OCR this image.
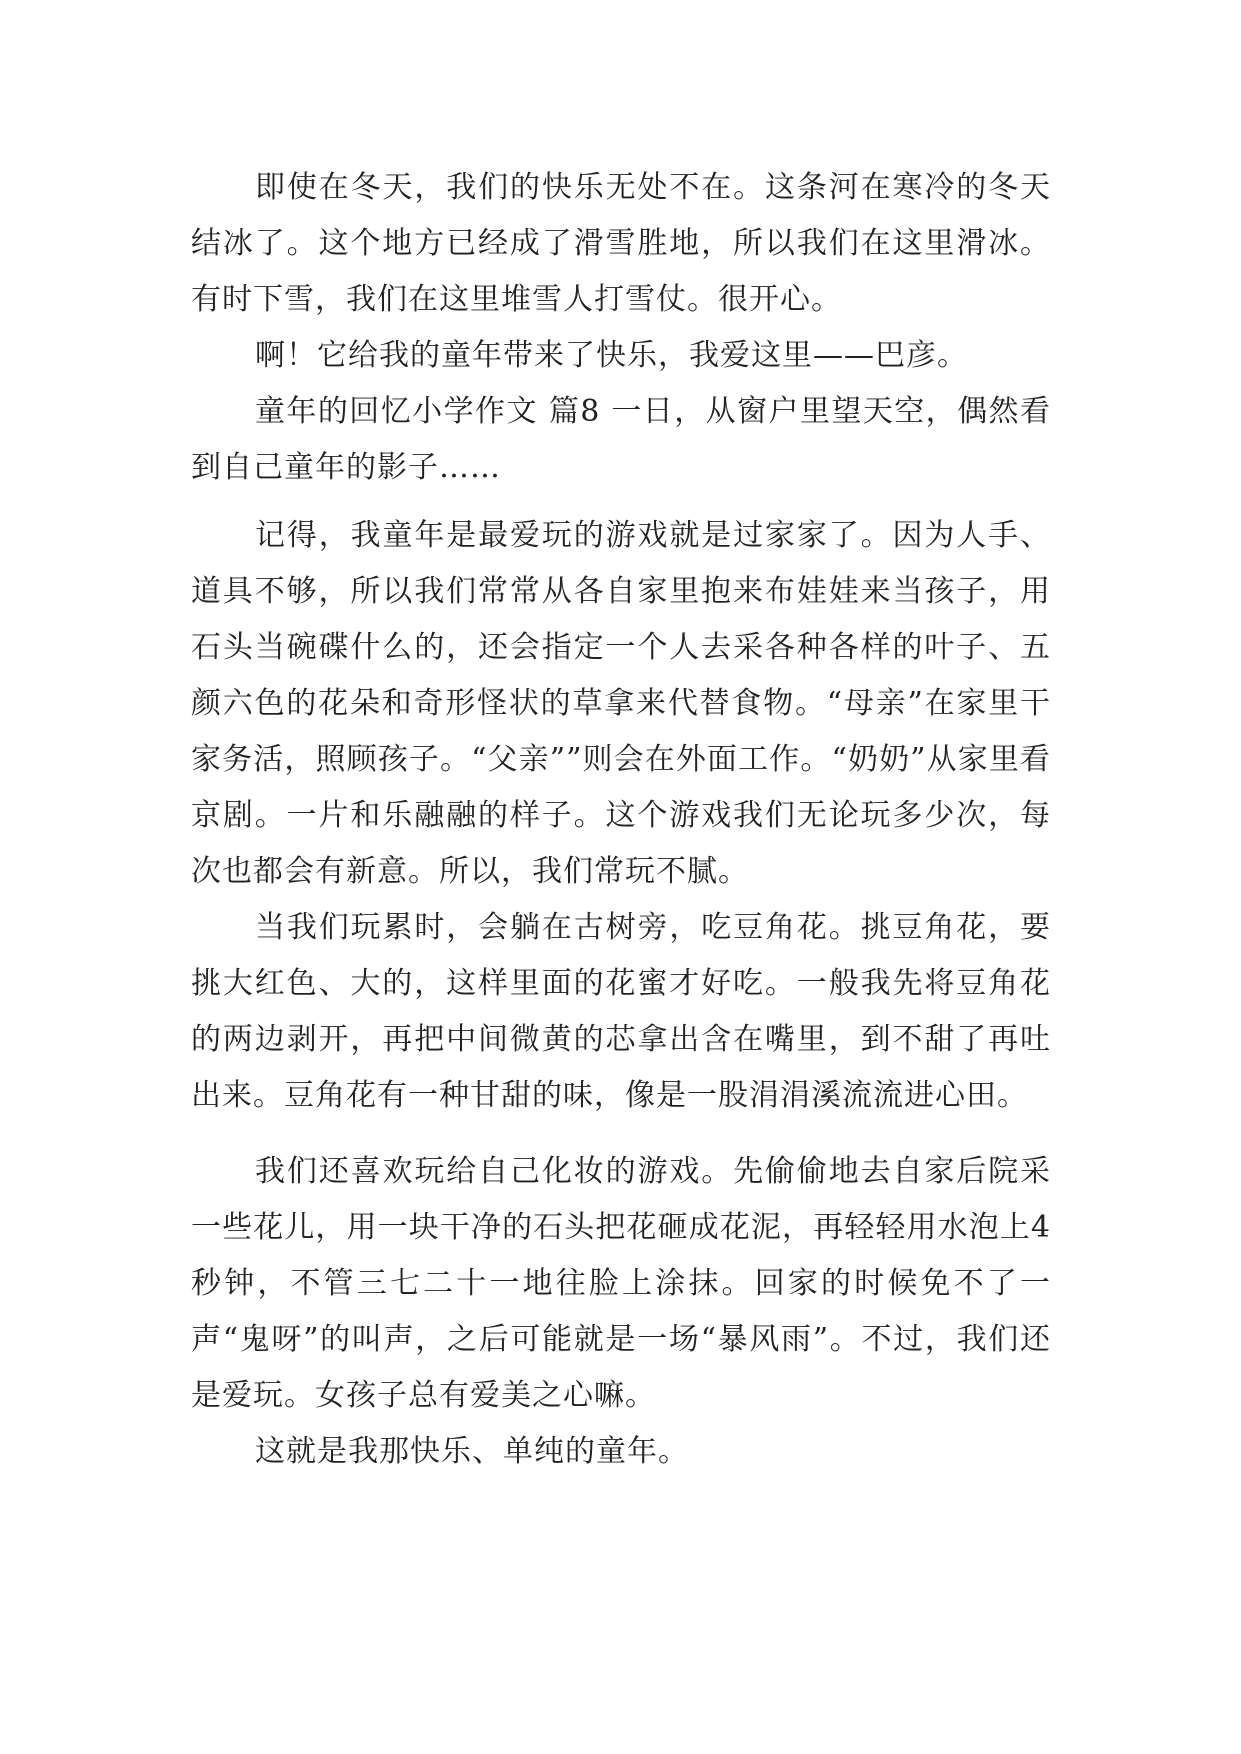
即使在冬天，我们的快乐无处不在。这条河在寒冷的冬天结冰了。这个地方已经成了滑雪胜地，所以我们在这里滑冰。有时下雪，我们在这里堆雪人打雪仗。很开心。

啊！它给我的童年带来了快乐，我爱这里——巴彦。

童年的回忆小学作文 篇8 一日，从窗户里望天空，偶然看到自己童年的影子……

记得，我童年是最爱玩的游戏就是过家家了。因为人手、道具不够，所以我们常常从各自家里抱来布娃娃来当孩子，用石头当碗碟什么的，还会指定一个人去采各种各样的叶子、五颜六色的花朵和奇形怪状的草拿来代替食物。“母亲”在家里干家务活，照顾孩子。“父亲””则会在外面工作。“奶奶”从家里看京剧。一片和乐融融的样子。这个游戏我们无论玩多少次，每次也都会有新意。所以，我们常玩不腻。

当我们玩累时，会躺在古树旁，吃豆角花。挑豆角花，要挑大红色、大的，这样里面的花蜜才好吃。一般我先将豆角花的两边剥开，再把中间微黄的芯拿出含在嘴里，到不甜了再吐出来。豆角花有一种甘甜的味，像是一股涓涓溪流流进心田。

我们还喜欢玩给自己化妆的游戏。先偷偷地去自家后院采一些花儿，用一块干净的石头把花砸成花泥，再轻轻用水泡上4秒钟，不管三七二十一地往脸上涂抹。回家的时候免不了一声“鬼呀”的叫声，之后可能就是一场“暴风雨”。不过，我们还是爱玩。女孩子总有爱美之心嘛。

这就是我那快乐、单纯的童年。
